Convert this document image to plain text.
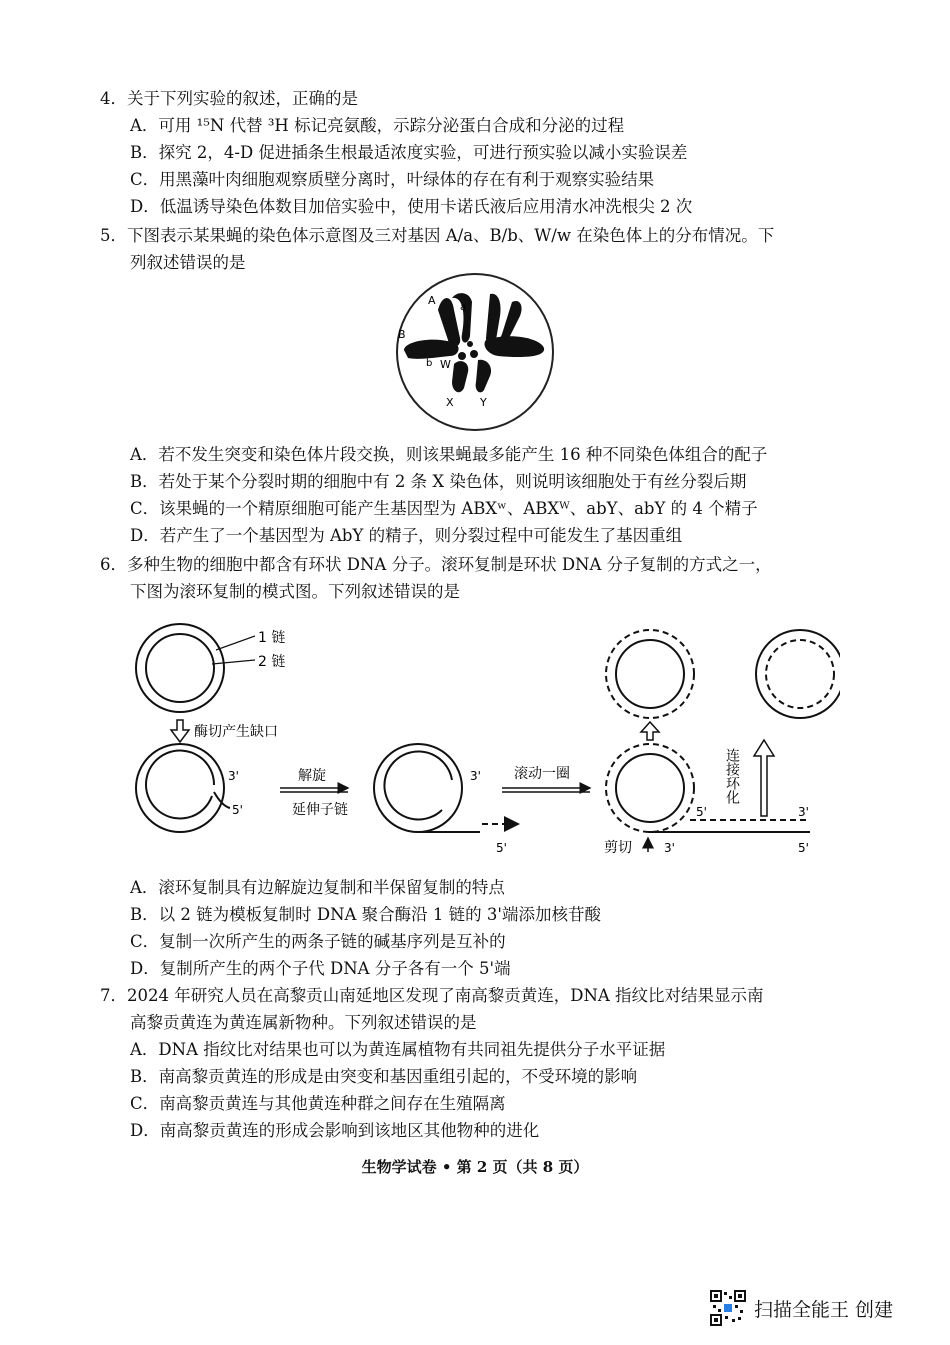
4．关于下列实验的叙述，正确的是
A．可用 ¹⁵N 代替 ³H 标记亮氨酸，示踪分泌蛋白合成和分泌的过程
B．探究 2，4-D 促进插条生根最适浓度实验，可进行预实验以减小实验误差
C．用黑藻叶肉细胞观察质壁分离时，叶绿体的存在有利于观察实验结果
D．低温诱导染色体数目加倍实验中，使用卡诺氏液后应用清水冲洗根尖 2 次
5．下图表示某果蝇的染色体示意图及三对基因 A/a、B/b、W/w 在染色体上的分布情况。下
列叙述错误的是
A
a
B
b W
X Y
A．若不发生突变和染色体片段交换，则该果蝇最多能产生 16 种不同染色体组合的配子
B．若处于某个分裂时期的细胞中有 2 条 X 染色体，则说明该细胞处于有丝分裂后期
C．该果蝇的一个精原细胞可能产生基因型为 ABXʷ、ABXᵂ、abY、abY 的 4 个精子
D．若产生了一个基因型为 AbY 的精子，则分裂过程中可能发生了基因重组
6．多种生物的细胞中都含有环状 DNA 分子。滚环复制是环状 DNA 分子复制的方式之一，
下图为滚环复制的模式图。下列叙述错误的是
1 链
2 链
酶切产生缺口
3'
5'
解旋
延伸子链
3'
5'
滚动一圈
5'	3'
3'	5'
剪切
连接环化
A．滚环复制具有边解旋边复制和半保留复制的特点
B．以 2 链为模板复制时 DNA 聚合酶沿 1 链的 3'端添加核苷酸
C．复制一次所产生的两条子链的碱基序列是互补的
D．复制所产生的两个子代 DNA 分子各有一个 5'端
7．2024 年研究人员在高黎贡山南延地区发现了南高黎贡黄连，DNA 指纹比对结果显示南
高黎贡黄连为黄连属新物种。下列叙述错误的是
A．DNA 指纹比对结果也可以为黄连属植物有共同祖先提供分子水平证据
B．南高黎贡黄连的形成是由突变和基因重组引起的，不受环境的影响
C．南高黎贡黄连与其他黄连种群之间存在生殖隔离
D．南高黎贡黄连的形成会影响到该地区其他物种的进化
生物学试卷 • 第 2 页（共 8 页）
扫描全能王 创建
